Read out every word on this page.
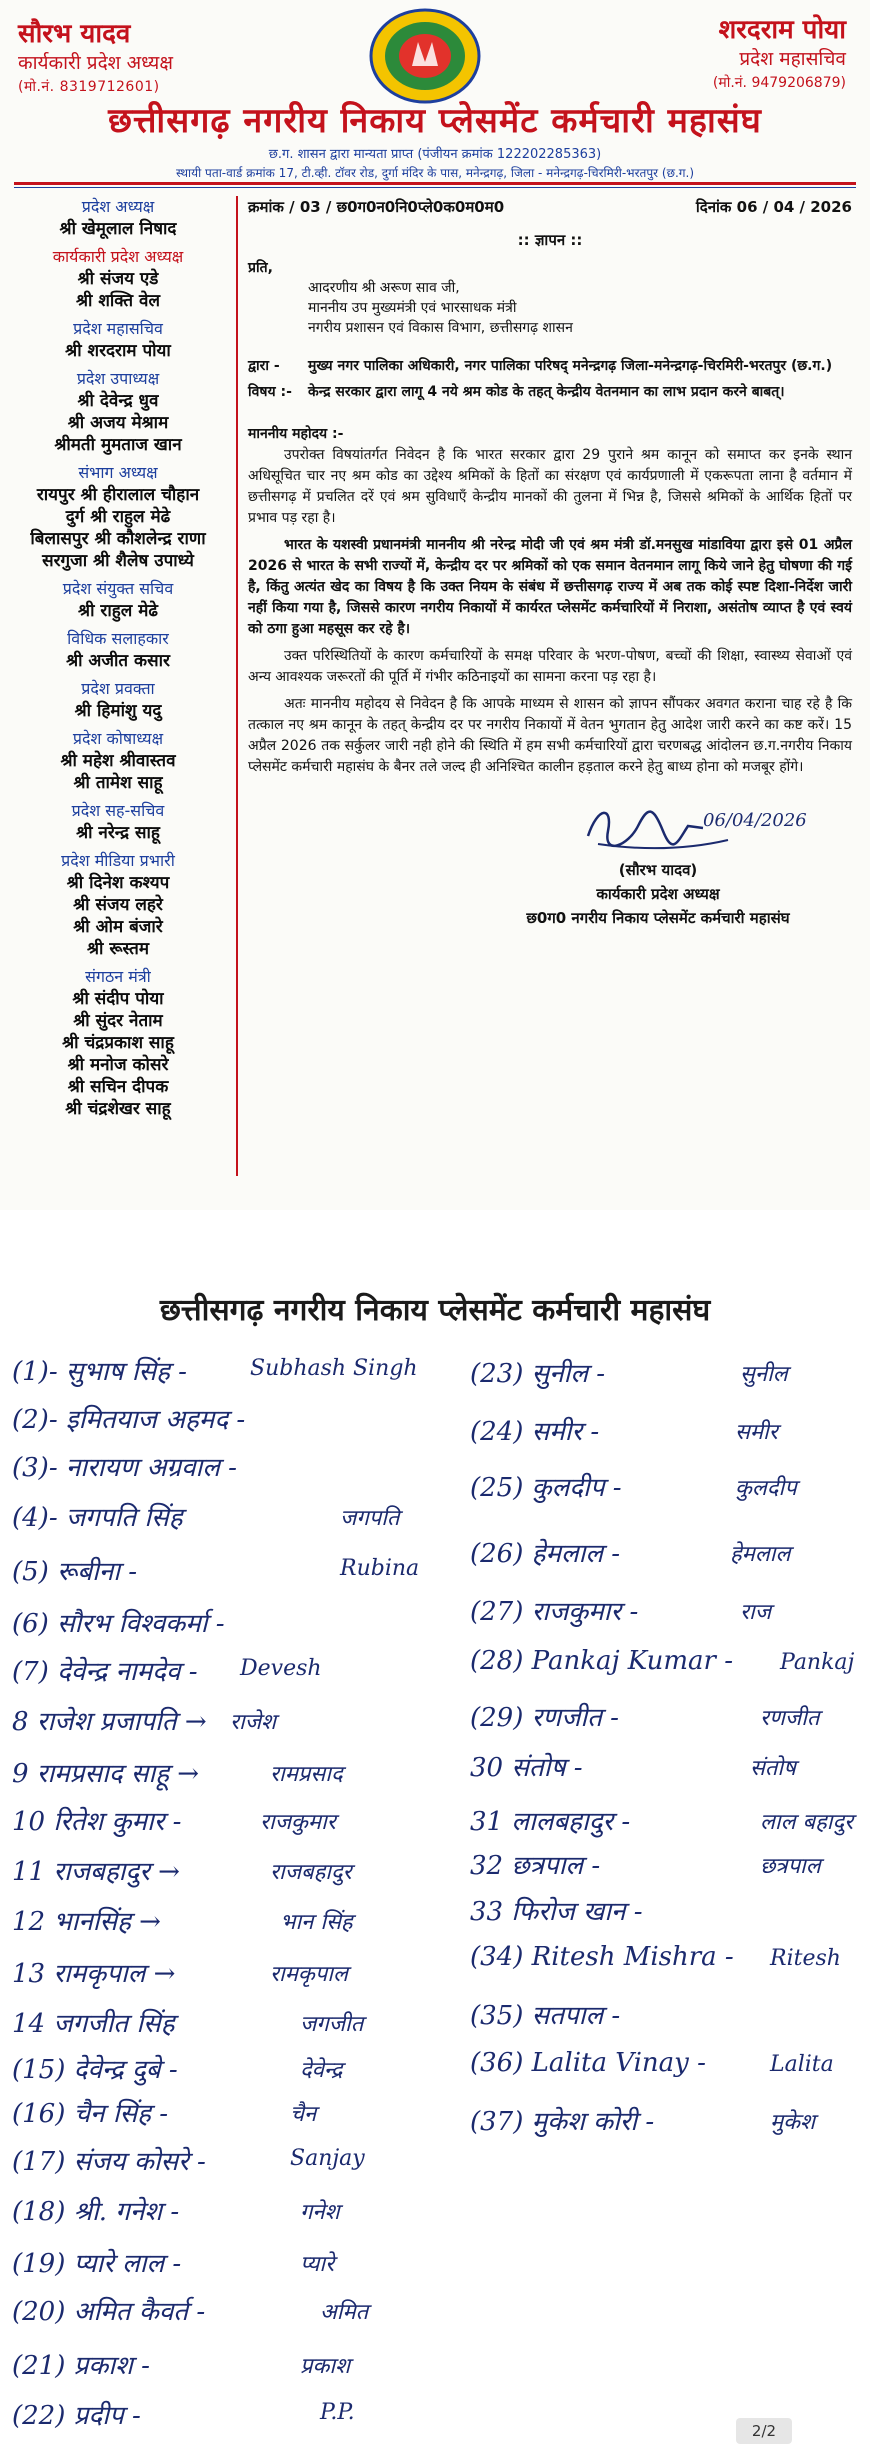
सौरभ यादव
कार्यकारी प्रदेश अध्यक्ष
(मो.नं. 8319712601)
शरदराम पोया
प्रदेश महासचिव
(मो.नं. 9479206879)
छत्तीसगढ़ नगरीय निकाय प्लेसमेंट कर्मचारी महासंघ
छ.ग. शासन द्वारा मान्यता प्राप्त (पंजीयन क्रमांक 122202285363)
स्थायी पता-वार्ड क्रमांक 17, टी.व्ही. टॉवर रोड, दुर्गा मंदिर के पास, मनेन्द्रगढ़, जिला - मनेन्द्रगढ़-चिरमिरी-भरतपुर (छ.ग.)
प्रदेश अध्यक्ष
श्री खेमूलाल निषाद
कार्यकारी प्रदेश अध्यक्ष
श्री संजय एडे
श्री शक्ति वेल
प्रदेश महासचिव
श्री शरदराम पोया
प्रदेश उपाध्यक्ष
श्री देवेन्द्र धुव
श्री अजय मेश्राम
श्रीमती मुमताज खान
संभाग अध्यक्ष
रायपुर श्री हीरालाल चौहान
दुर्ग श्री राहुल मेढे
बिलासपुर श्री कौशलेन्द्र राणा
सरगुजा श्री शैलेष उपाध्ये
प्रदेश संयुक्त सचिव
श्री राहुल मेढे
विधिक सलाहकार
श्री अजीत कसार
प्रदेश प्रवक्ता
श्री हिमांशु यदु
प्रदेश कोषाध्यक्ष
श्री महेश श्रीवास्तव
श्री तामेश साहू
प्रदेश सह-सचिव
श्री नरेन्द्र साहू
प्रदेश मीडिया प्रभारी
श्री दिनेश कश्यप
श्री संजय लहरे
श्री ओम बंजारे
श्री रूस्तम
संगठन मंत्री
श्री संदीप पोया
श्री सुंदर नेताम
श्री चंद्रप्रकाश साहू
श्री मनोज कोसरे
श्री सचिन दीपक
श्री चंद्रशेखर साहू
क्रमांक / 03 / छ0ग0न0नि0प्ले0क0म0म0	दिनांक 06 / 04 / 2026
:: ज्ञापन ::
प्रति,
आदरणीय श्री अरूण साव जी,
माननीय उप मुख्यमंत्री एवं भारसाधक मंत्री
नगरीय प्रशासन एवं विकास विभाग, छत्तीसगढ़ शासन
द्वारा -	मुख्य नगर पालिका अधिकारी, नगर पालिका परिषद् मनेन्द्रगढ़ जिला-मनेन्द्रगढ़-चिरमिरी-भरतपुर (छ.ग.)
विषय :-	केन्द्र सरकार द्वारा लागू 4 नये श्रम कोड के तहत् केन्द्रीय वेतनमान का लाभ प्रदान करने बाबत्।
माननीय महोदय :-
उपरोक्त विषयांतर्गत निवेदन है कि भारत सरकार द्वारा 29 पुराने श्रम कानून को समाप्त कर इनके स्थान अधिसूचित चार नए श्रम कोड का उद्देश्य श्रमिकों के हितों का संरक्षण एवं कार्यप्रणाली में एकरूपता लाना है वर्तमान में छत्तीसगढ़ में प्रचलित दरें एवं श्रम सुविधाएँ केन्द्रीय मानकों की तुलना में भिन्न है, जिससे श्रमिकों के आर्थिक हितों पर प्रभाव पड़ रहा है।
भारत के यशस्वी प्रधानमंत्री माननीय श्री नरेन्द्र मोदी जी एवं श्रम मंत्री डॉ.मनसुख मांडाविया द्वारा इसे 01 अप्रैल 2026 से भारत के सभी राज्यों में, केन्द्रीय दर पर श्रमिकों को एक समान वेतनमान लागू किये जाने हेतु घोषणा की गई है, किंतु अत्यंत खेद का विषय है कि उक्त नियम के संबंध में छत्तीसगढ़ राज्य में अब तक कोई स्पष्ट दिशा-निर्देश जारी नहीं किया गया है, जिससे कारण नगरीय निकायों में कार्यरत प्लेसमेंट कर्मचारियों में निराशा, असंतोष व्याप्त है एवं स्वयं को ठगा हुआ महसूस कर रहे है।
उक्त परिस्थितियों के कारण कर्मचारियों के समक्ष परिवार के भरण-पोषण, बच्चों की शिक्षा, स्वास्थ्य सेवाओं एवं अन्य आवश्यक जरूरतों की पूर्ति में गंभीर कठिनाइयों का सामना करना पड़ रहा है।
अतः माननीय महोदय से निवेदन है कि आपके माध्यम से शासन को ज्ञापन सौंपकर अवगत कराना चाह रहे है कि तत्काल नए श्रम कानून के तहत् केन्द्रीय दर पर नगरीय निकायों में वेतन भुगतान हेतु आदेश जारी करने का कष्ट करें। 15 अप्रैल 2026 तक सर्कुलर जारी नही होने की स्थिति में हम सभी कर्मचारियों द्वारा चरणबद्ध आंदोलन छ.ग.नगरीय निकाय प्लेसमेंट कर्मचारी महासंघ के बैनर तले जल्द ही अनिश्चित कालीन हड़ताल करने हेतु बाध्य होना को मजबूर होंगे।
06/04/2026
(सौरभ यादव)
कार्यकारी प्रदेश अध्यक्ष
छ0ग0 नगरीय निकाय प्लेसमेंट कर्मचारी महासंघ
छत्तीसगढ़ नगरीय निकाय प्लेसमेंट कर्मचारी महासंघ
(1)- सुभाष सिंह -	Subhash Singh
(2)- इमितयाज अहमद -
(3)- नारायण अग्रवाल -
(4)- जगपति सिंह	जगपति
(5) रूबीना -	Rubina
(6) सौरभ विश्वकर्मा -
(7) देवेन्द्र नामदेव - Devesh
8 राजेश प्रजापति → राजेश
9 रामप्रसाद साहू →	रामप्रसाद
10 रितेश कुमार -	राजकुमार
11 राजबहादुर →	राजबहादुर
12 भानसिंह →	भान सिंह
13 रामकृपाल →	रामकृपाल
14 जगजीत सिंह	जगजीत
(15) देवेन्द्र दुबे -	देवेन्द्र
(16) चैन सिंह -	चैन
(17) संजय कोसरे -	Sanjay
(18) श्री. गनेश -	गनेश
(19) प्यारे लाल -	प्यारे
(20) अमित कैवर्त -	अमित
(21) प्रकाश -	प्रकाश
(22) प्रदीप -	P.P.
(23) सुनील -	सुनील
(24) समीर -	समीर
(25) कुलदीप -	कुलदीप
(26) हेमलाल -	हेमलाल
(27) राजकुमार -	राज
(28) Pankaj Kumar - Pankaj
(29) रणजीत -	रणजीत
30 संतोष -	संतोष
31 लालबहादुर -	लाल बहादुर
32 छत्रपाल -	छत्रपाल
33 फिरोज खान -
(34) Ritesh Mishra - Ritesh
(35) सतपाल -
(36) Lalita Vinay -	Lalita
(37) मुकेश कोरी -	मुकेश
2/2
